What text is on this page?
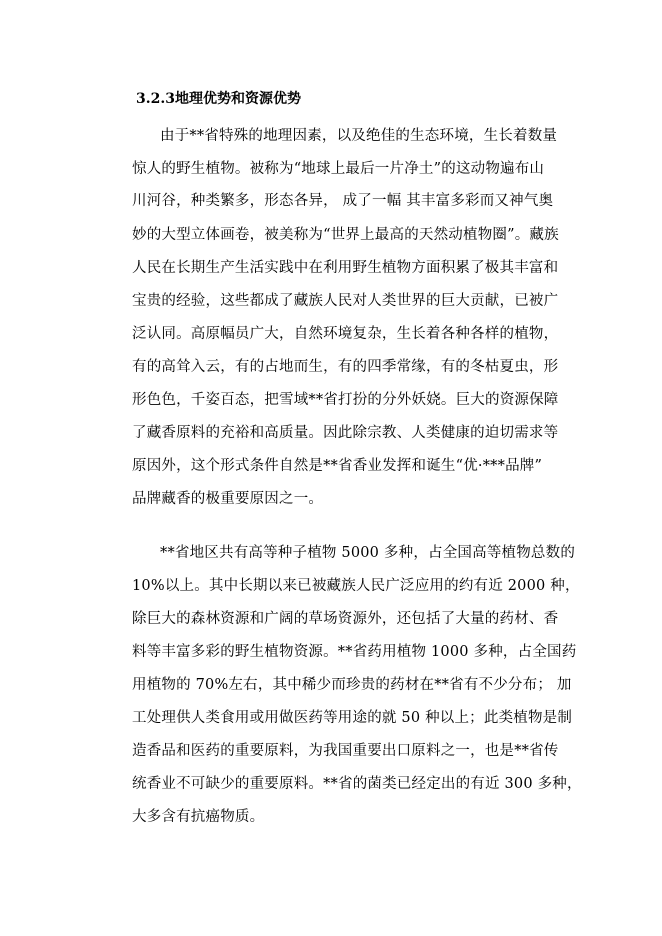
3.2.3地理优势和资源优势
由于**省特殊的地理因素，以及绝佳的生态环境，生长着数量
惊人的野生植物。被称为“地球上最后一片净土”的这动物遍布山
川河谷，种类繁多，形态各异， 成了一幅 其丰富多彩而又神气奥
妙的大型立体画卷，被美称为“世界上最高的天然动植物圈”。藏族
人民在长期生产生活实践中在利用野生植物方面积累了极其丰富和
宝贵的经验，这些都成了藏族人民对人类世界的巨大贡献，已被广
泛认同。高原幅员广大，自然环境复杂，生长着各种各样的植物，
有的高耸入云，有的占地而生，有的四季常缘，有的冬枯夏虫，形
形色色，千姿百态，把雪域**省打扮的分外妖娆。巨大的资源保障
了藏香原料的充裕和高质量。因此除宗教、人类健康的迫切需求等
原因外，这个形式条件自然是**省香业发挥和诞生“优·***品牌”
品牌藏香的极重要原因之一。
**省地区共有高等种子植物 5000 多种，占全国高等植物总数的
10%以上。其中长期以来已被藏族人民广泛应用的约有近 2000 种，
除巨大的森林资源和广阔的草场资源外，还包括了大量的药材、香
料等丰富多彩的野生植物资源。**省药用植物 1000 多种，占全国药
用植物的 70%左右，其中稀少而珍贵的药材在**省有不少分布； 加
工处理供人类食用或用做医药等用途的就 50 种以上；此类植物是制
造香品和医药的重要原料，为我国重要出口原料之一，也是**省传
统香业不可缺少的重要原料。**省的菌类已经定出的有近 300 多种，
大多含有抗癌物质。
